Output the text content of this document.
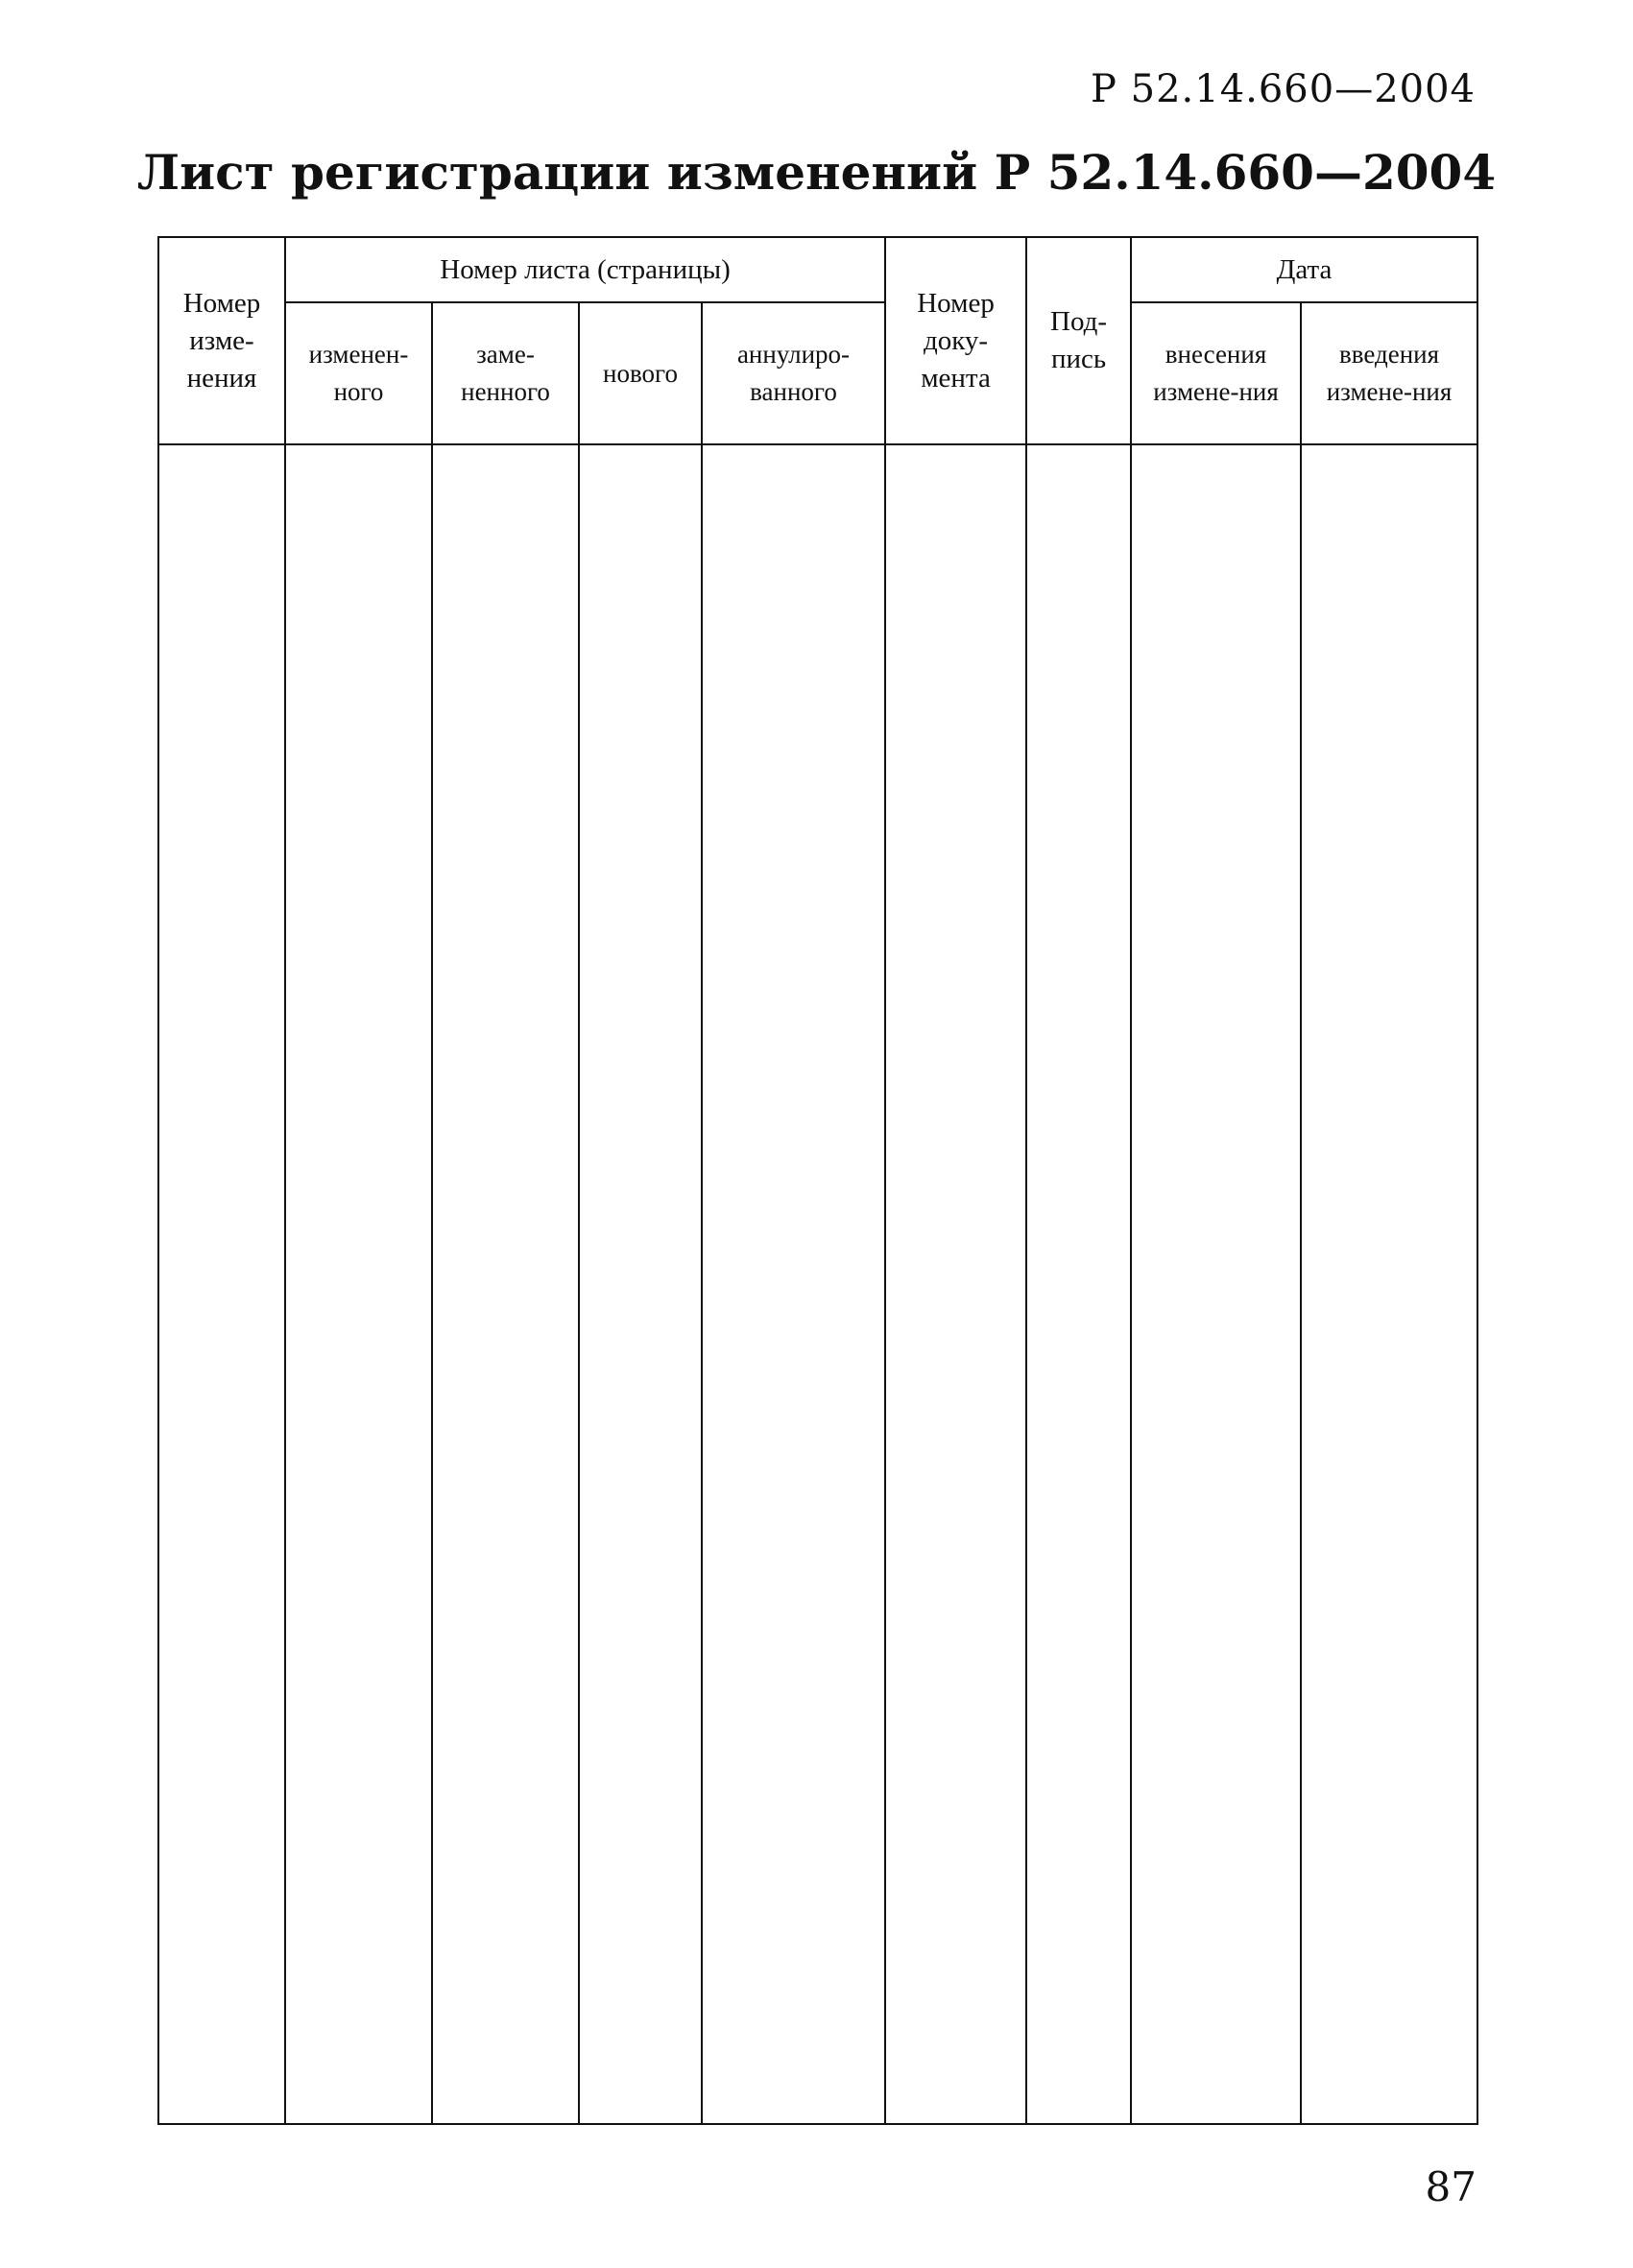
Р 52.14.660—2004
Лист регистрации изменений Р 52.14.660—2004
Номер изме-нения	Номер листа (страницы)				Номер доку-мента	Под-пись	Дата	
	изменен-ного	заме-ненного	нового	аннулиро-ванного			внесения измене-ния	введения измене-ния

87
